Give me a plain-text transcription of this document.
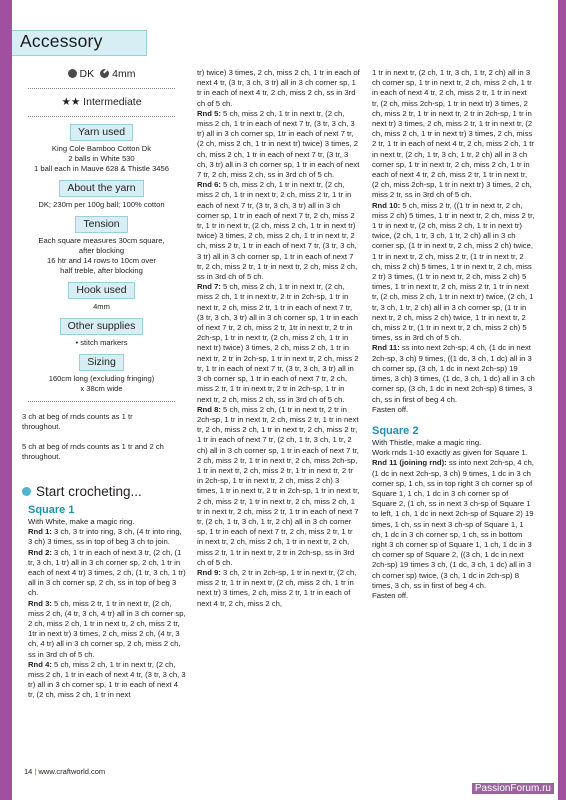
Accessory
DK 4mm
★★ Intermediate
Yarn used
King Cole Bamboo Cotton Dk
2 balls in White 530
1 ball each in Mauve 628 & Thistle 3456
About the yarn
DK; 230m per 100g ball; 100% cotton
Tension
Each square measures 30cm square,
after blocking
16 htr and 14 rows to 10cm over
half treble, after blocking
Hook used
4mm
Other supplies
• stitch markers
Sizing
160cm long (excluding fringing)
x 38cm wide
3 ch at beg of rnds counts as 1 tr throughout.
5 ch at beg of rnds counts as 1 tr and 2 ch throughout.
Start crocheting...

Square 1

With White, make a magic ring.

Rnd 1: 3 ch, 3 tr into ring, 3 ch, (4 tr into ring, 3 ch) 3 times, ss in top of beg 3 ch to join.

Rnd 2: 3 ch, 1 tr in each of next 3 tr, (2 ch, (1 tr, 3 ch, 1 tr) all in 3 ch corner sp, 2 ch, 1 tr in each of next 4 tr) 3 times, 2 ch, (1 tr, 3 ch, 1 tr) all in 3 ch corner sp, 2 ch, ss in top of beg 3 ch.

Rnd 3: 5 ch, miss 2 tr, 1 tr in next tr, (2 ch, miss 2 ch, (4 tr, 3 ch, 4 tr) all in 3 ch corner sp, 2 ch, miss 2 ch, 1 tr in next tr, 2 ch, miss 2 tr, 1tr in next tr) 3 times, 2 ch, miss 2 ch, (4 tr, 3 ch, 4 tr) all in 3 ch corner sp, 2 ch, miss 2 ch, ss in 3rd ch of 5 ch.

Rnd 4: 5 ch, miss 2 ch, 1 tr in next tr, (2 ch, miss 2 ch, 1 tr in each of next 4 tr, (3 tr, 3 ch, 3 tr) all in 3 ch corner sp, 1 tr in each of next 4 tr, (2 ch, miss 2 ch, 1 tr in next

tr) twice) 3 times, 2 ch, miss 2 ch, 1 tr in each of next 4 tr, (3 tr, 3 ch, 3 tr) all in 3 ch corner sp, 1 tr in each of next 4 tr, 2 ch, miss 2 ch, ss in 3rd ch of 5 ch.

Rnd 5: 5 ch, miss 2 ch, 1 tr in next tr, (2 ch, miss 2 ch, 1 tr in each of next 7 tr, (3 tr, 3 ch, 3 tr) all in 3 ch corner sp, 1tr in each of next 7 tr, (2 ch, miss 2 ch, 1 tr in next tr) twice) 3 times, 2 ch, miss 2 ch, 1 tr in each of next 7 tr, (3 tr, 3 ch, 3 tr) all in 3 ch corner sp, 1 tr in each of next 7 tr, 2 ch, miss 2 ch, ss in 3rd ch of 5 ch.

Rnd 6: 5 ch, miss 2 ch, 1 tr in next tr, (2 ch, miss 2 ch, 1 tr in next tr, 2 ch, miss 2 tr, 1 tr in each of next 7 tr, (3 tr, 3 ch, 3 tr) all in 3 ch corner sp, 1 tr in each of next 7 tr, 2 ch, miss 2 tr, 1 tr in next tr, (2 ch, miss 2 ch, 1 tr in next tr) twice) 3 times, 2 ch, miss 2 ch, 1 tr in next tr, 2 ch, miss 2 tr, 1 tr in each of next 7 tr, (3 tr, 3 ch, 3 tr) all in 3 ch corner sp, 1 tr in each of next 7 tr, 2 ch, miss 2 tr, 1 tr in next tr, 2 ch, miss 2 ch, ss in 3rd ch of 5 ch.

Rnd 7: 5 ch, miss 2 ch, 1 tr in next tr, (2 ch, miss 2 ch, 1 tr in next tr, 2 tr in 2ch-sp, 1 tr in next tr, 2 ch, miss 2 tr, 1 tr in each of next 7 tr, (3 tr, 3 ch, 3 tr) all in 3 ch corner sp, 1 tr in each of next 7 tr, 2 ch, miss 2 tr, 1tr in next tr, 2 tr in 2ch-sp, 1 tr in next tr, (2 ch, miss 2 ch, 1 tr in next tr) twice) 3 times, 2 ch, miss 2 ch, 1 tr in next tr, 2 tr in 2ch-sp, 1 tr in next tr, 2 ch, miss 2 tr, 1 tr in each of next 7 tr, (3 tr, 3 ch, 3 tr) all in 3 ch corner sp, 1 tr in each of next 7 tr, 2 ch, miss 2 tr, 1 tr in next tr, 2 tr in 2ch-sp, 1 tr in next tr, 2 ch, miss 2 ch, ss in 3rd ch of 5 ch.

Rnd 8: 5 ch, miss 2 ch, (1 tr in next tr, 2 tr in 2ch-sp, 1 tr in next tr, 2 ch, miss 2 tr, 1 tr in next tr, 2 ch, miss 2 ch, 1 tr in next tr, 2 ch, miss 2 tr, 1 tr in each of next 7 tr, (2 ch, 1 tr, 3 ch, 1 tr, 2 ch) all in 3 ch corner sp, 1 tr in each of next 7 tr, 2 ch, miss 2 tr, 1 tr in next tr, 2 ch, miss 2ch-sp, 1 tr in next tr, 2 ch, miss 2 tr, 1 tr in next tr, 2 tr in 2ch-sp, 1 tr in next tr, 2 ch, miss 2 ch) 3 times, 1 tr in next tr, 2 tr in 2ch-sp, 1 tr in next tr, 2 ch, miss 2 tr, 1 tr in next tr, 2 ch, miss 2 ch, 1 tr in next tr, 2 ch, miss 2 tr, 1 tr in each of next 7 tr, (2 ch, 1 tr, 3 ch, 1 tr, 2 ch) all in 3 ch corner sp, 1 tr in each of next 7 tr, 2 ch, miss 2 tr, 1 tr in next tr, 2 ch, miss 2 ch, 1 tr in next tr, 2 ch, miss 2 tr, 1 tr in next tr, 2 tr in 2ch-sp, ss in 3rd ch of 5 ch.

Rnd 9: 3 ch, 2 tr in 2ch-sp, 1 tr in next tr, (2 ch, miss 2 tr, 1 tr in next tr, (2 ch, miss 2 ch, 1 tr in next tr) 3 times, 2 ch, miss 2 tr, 1 tr in each of next 4 tr, 2 ch, miss 2 ch,

1 tr in next tr, (2 ch, 1 tr, 3 ch, 1 tr, 2 ch) all in 3 ch corner sp, 1 tr in next tr, 2 ch, miss 2 ch, 1 tr in each of next 4 tr, 2 ch, miss 2 tr, 1 tr in next tr, (2 ch, miss 2ch-sp, 1 tr in next tr) 3 times, 2 ch, miss 2 tr, 1 tr in next tr, 2 tr in 2ch-sp, 1 tr in next tr) 3 times, 2 ch, miss 2 tr, 1 tr in next tr, (2 ch, miss 2 ch, 1 tr in next tr) 3 times, 2 ch, miss 2 tr, 1 tr in each of next 4 tr, 2 ch, miss 2 ch, 1 tr in next tr, (2 ch, 1 tr, 3 ch, 1 tr, 2 ch) all in 3 ch corner sp, 1 tr in next tr, 2 ch, miss 2 ch, 1 tr in each of next 4 tr, 2 ch, miss 2 tr, 1 tr in next tr, (2 ch, miss 2ch-sp, 1 tr in next tr) 3 times, 2 ch, miss 2 tr, ss in 3rd ch of 5 ch.

Rnd 10: 5 ch, miss 2 tr, ((1 tr in next tr, 2 ch, miss 2 ch) 5 times, 1 tr in next tr, 2 ch, miss 2 tr, 1 tr in next tr, (2 ch, miss 2 ch, 1 tr in next tr) twice, (2 ch, 1 tr, 3 ch, 1 tr, 2 ch) all in 3 ch corner sp, (1 tr in next tr, 2 ch, miss 2 ch) twice, 1 tr in next tr, 2 ch, miss 2 tr, (1 tr in next tr, 2 ch, miss 2 ch) 5 times, 1 tr in next tr, 2 ch, miss 2 tr) 3 times, (1 tr in next tr, 2 ch, miss 2 ch) 5 times, 1 tr in next tr, 2 ch, miss 2 tr, 1 tr in next tr, (2 ch, miss 2 ch, 1 tr in next tr) twice, (2 ch, 1 tr, 3 ch, 1 tr, 2 ch) all in 3 ch corner sp, (1 tr in next tr, 2 ch, miss 2 ch) twice, 1 tr in next tr, 2 ch, miss 2 tr, (1 tr in next tr, 2 ch, miss 2 ch) 5 times, ss in 3rd ch of 5 ch.

Rnd 11: ss into next 2ch-sp, 4 ch, (1 dc in next 2ch-sp, 3 ch) 9 times, ((1 dc, 3 ch, 1 dc) all in 3 ch corner sp, (3 ch, 1 dc in next 2ch-sp) 19 times, 3 ch) 3 times, (1 dc, 3 ch, 1 dc) all in 3 ch corner sp, (3 ch, 1 dc in next 2ch-sp) 8 times, 3 ch, ss in first of beg 4 ch.

Fasten off.

Square 2

With Thistle, make a magic ring.

Work rnds 1-10 exactly as given for Square 1.

Rnd 11 (joining rnd): ss into next 2ch-sp, 4 ch, (1 dc in next 2ch-sp, 3 ch) 9 times, 1 dc in 3 ch corner sp, 1 ch, ss in top right 3 ch corner sp of Square 1, 1 ch, 1 dc in 3 ch corner sp of Square 2, (1 ch, ss in next 3 ch-sp of Square 1 to left, 1 ch, 1 dc in next 2ch-sp of Square 2) 19 times, 1 ch, ss in next 3 ch-sp of Square 1, 1 ch, 1 dc in 3 ch corner sp, 1 ch, ss in bottom right 3 ch corner sp of Square 1, 1 ch, 1 dc in 3 ch corner sp of Square 2, ((3 ch, 1 dc in next 2ch-sp) 19 times 3 ch, (1 dc, 3 ch, 1 dc) all in 3 ch corner sp) twice, (3 ch, 1 dc in 2ch-sp) 8 times, 3 ch, ss in first of beg 4 ch.

Fasten off.

14 | www.craftworld.com
PassionForum.ru
